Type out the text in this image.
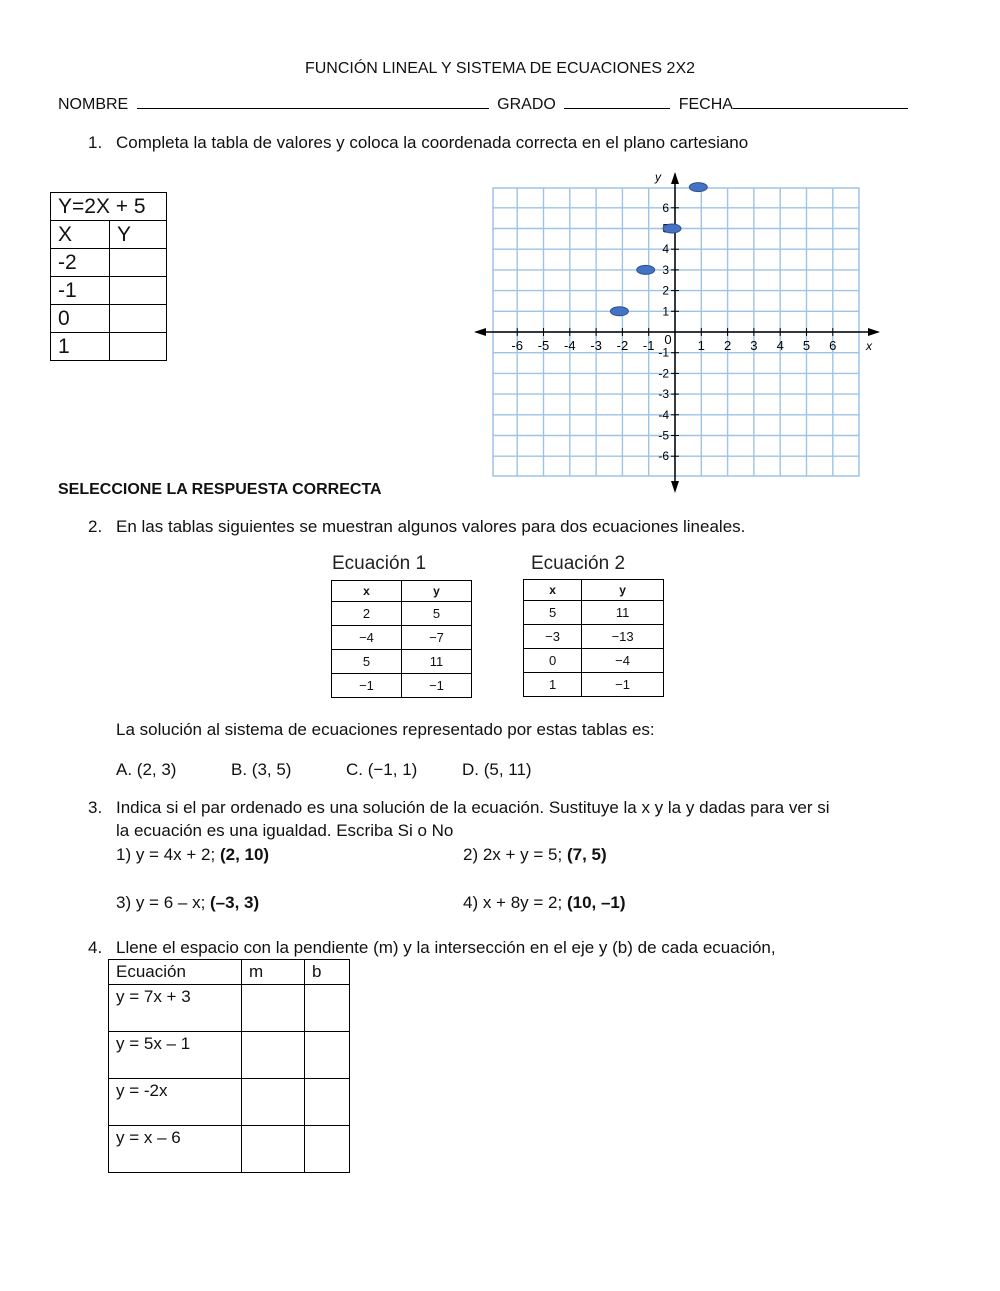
FUNCIÓN LINEAL Y SISTEMA DE ECUACIONES 2X2
NOMBRE	GRADO	FECHA
1. Completa la tabla de valores y coloca la coordenada correcta en el plano cartesiano
Y=2X + 5	
X	Y
-2	
-1	
0	
1		-6 -5 -4 -3 -2 -1 0 1 2 3 4 5 6
6
4
3
2
1
-1
-2
-3
-4
-5
-6
x
y
SELECCIONE LA RESPUESTA CORRECTA
2. En las tablas siguientes se muestran algunos valores para dos ecuaciones lineales.
Ecuación 1
x	y
2	5
−4	−7
5	11
−1	−1
Ecuación 2
x	y
5	11
−3	−13
0	−4
1	−1
La solución al sistema de ecuaciones representado por estas tablas es:
A. (2, 3)	B. (3, 5)	C. (−1, 1)	D. (5, 11)
3. Indica si el par ordenado es una solución de la ecuación. Sustituye la x y la y dadas para ver si
la ecuación es una igualdad. Escriba Si o No
1) y = 4x + 2; (2, 10)	2) 2x + y = 5; (7, 5)
3) y = 6 – x; (–3, 3)	4) x + 8y = 2; (10, –1)
4. Llene el espacio con la pendiente (m) y la intersección en el eje y (b) de cada ecuación,
Ecuación	m	b
y = 7x + 3		
y = 5x – 1		
y = -2x		
y = x – 6		
